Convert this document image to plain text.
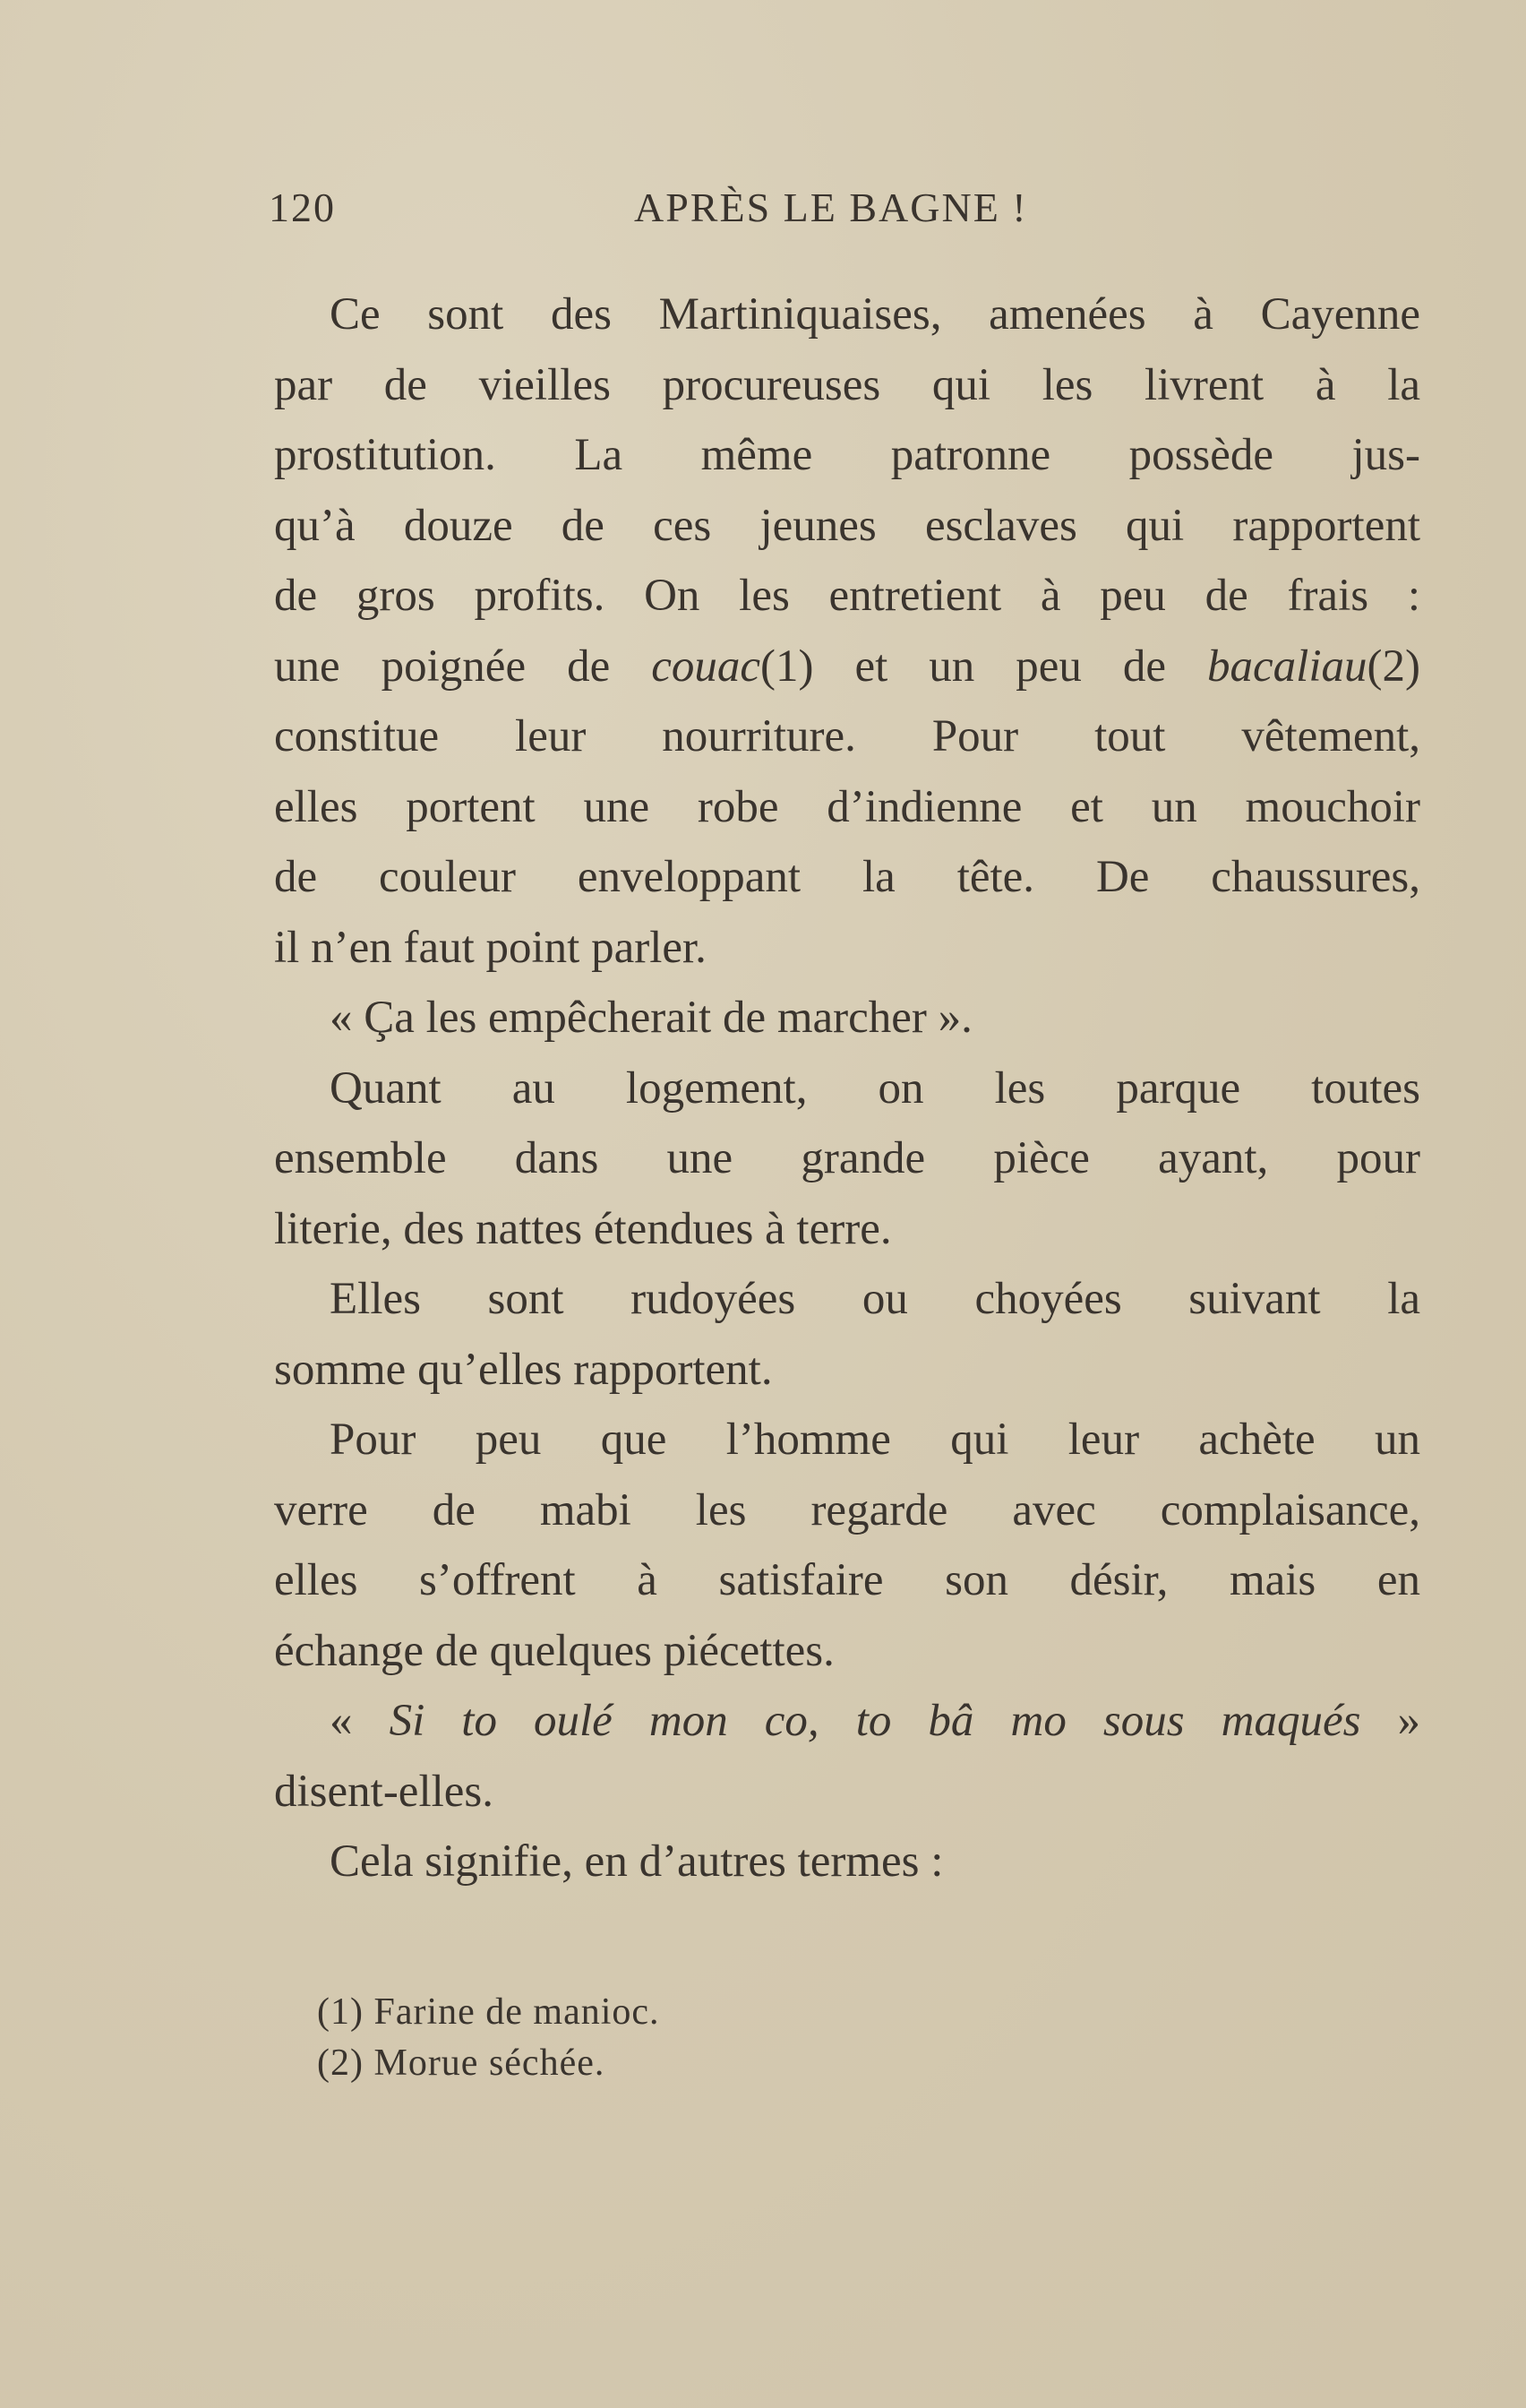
120	APRÈS LE BAGNE !
Ce sont des Martiniquaises, amenées à Cayenne
par de vieilles procureuses qui les livrent à la
prostitution. La même patronne possède jus-
qu’à douze de ces jeunes esclaves qui rapportent
de gros profits. On les entretient à peu de frais :
une poignée de couac(1) et un peu de bacaliau(2)
constitue leur nourriture. Pour tout vêtement,
elles portent une robe d’indienne et un mouchoir
de couleur enveloppant la tête. De chaussures,
il n’en faut point parler.
« Ça les empêcherait de marcher ».
Quant au logement, on les parque toutes
ensemble dans une grande pièce ayant, pour
literie, des nattes étendues à terre.
Elles sont rudoyées ou choyées suivant la
somme qu’elles rapportent.
Pour peu que l’homme qui leur achète un
verre de mabi les regarde avec complaisance,
elles s’offrent à satisfaire son désir, mais en
échange de quelques piécettes.
« Si to oulé mon co, to bâ mo sous maqués »
disent-elles.
Cela signifie, en d’autres termes :
(1) Farine de manioc.
(2) Morue séchée.
